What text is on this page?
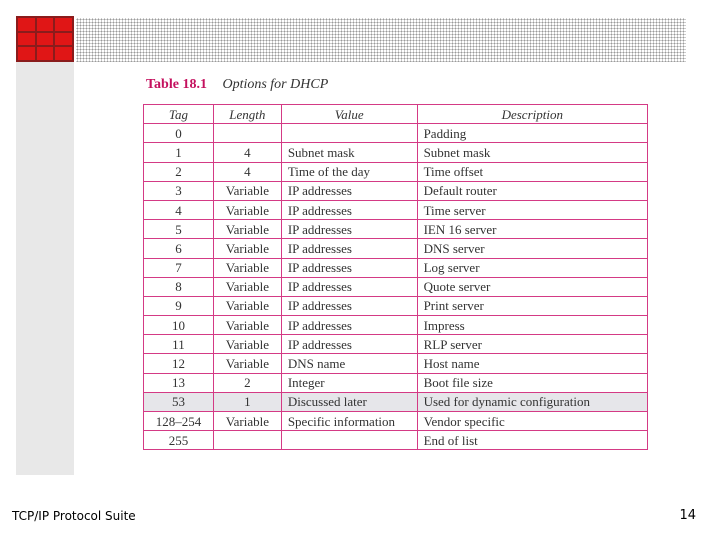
Table 18.1 Options for DHCP
Tag	Length	Value	Description
0			Padding
1	4	Subnet mask	Subnet mask
2	4	Time of the day	Time offset
3	Variable	IP addresses	Default router
4	Variable	IP addresses	Time server
5	Variable	IP addresses	IEN 16 server
6	Variable	IP addresses	DNS server
7	Variable	IP addresses	Log server
8	Variable	IP addresses	Quote server
9	Variable	IP addresses	Print server
10	Variable	IP addresses	Impress
11	Variable	IP addresses	RLP server
12	Variable	DNS name	Host name
13	2	Integer	Boot file size
53	1	Discussed later	Used for dynamic configuration
128–254	Variable	Specific information	Vendor specific
255			End of list
TCP/IP Protocol Suite	14
